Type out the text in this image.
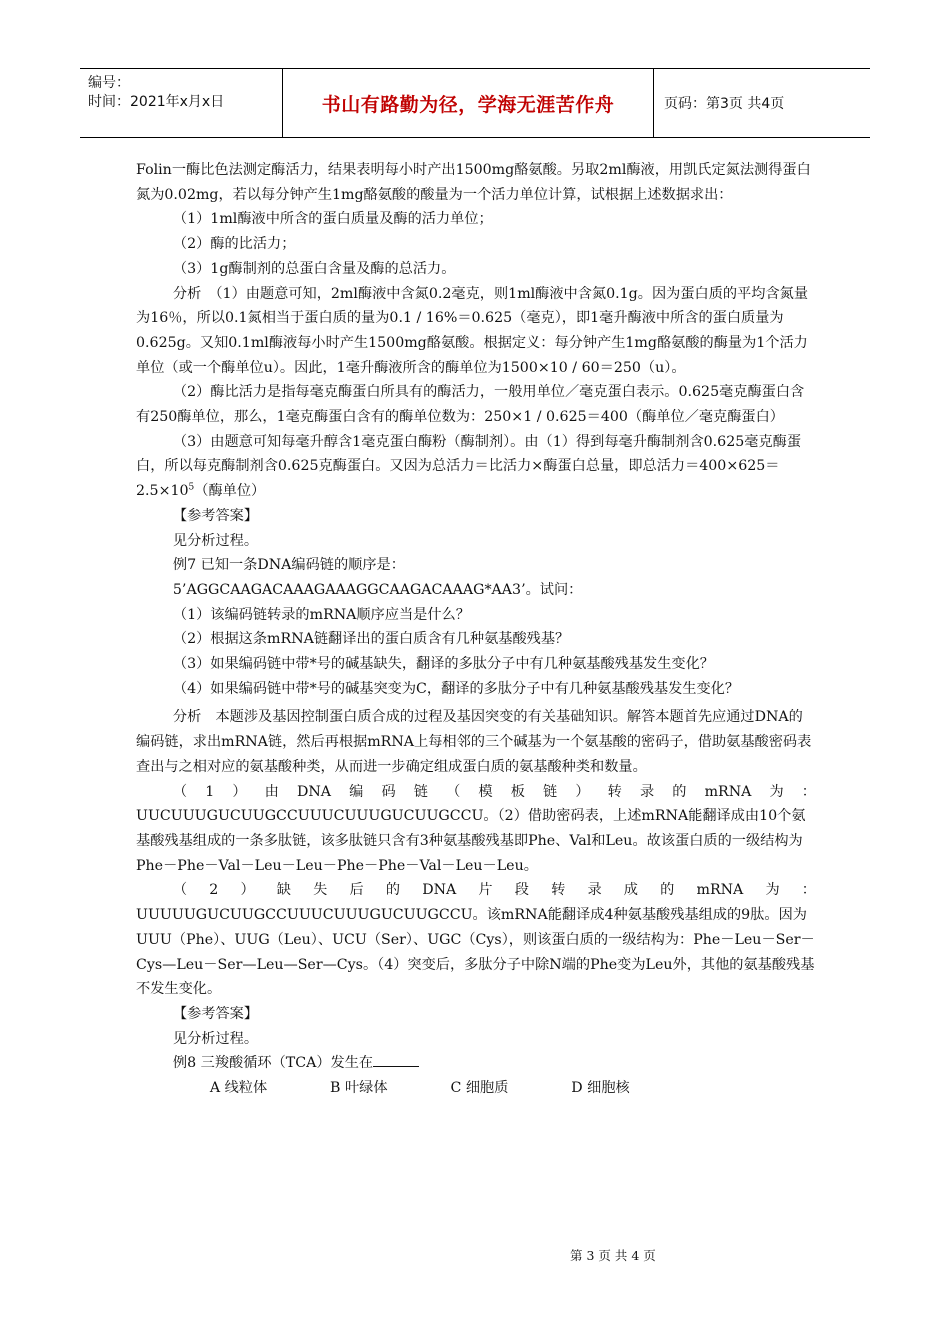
编号：
时间：2021年x月x日	书山有路勤为径，学海无涯苦作舟	页码：第3页 共4页

Folin一酶比色法测定酶活力，结果表明每小时产出1500mg酪氨酸。另取2ml酶液，用凯氏定氮法测得蛋白氮为0.02mg，若以每分钟产生1mg酪氨酸的酸量为一个活力单位计算，试根据上述数据求出：

（1）1ml酶液中所含的蛋白质量及酶的活力单位；

（2）酶的比活力；

（3）1g酶制剂的总蛋白含量及酶的总活力。

分析　（1）由题意可知，2ml酶液中含氮0.2毫克，则1ml酶液中含氮0.1g。因为蛋白质的平均含氮量为16％，所以0.1氮相当于蛋白质的量为0.1 / 16%＝0.625（毫克），即1毫升酶液中所含的蛋白质量为0.625g。又知0.1ml酶液每小时产生1500mg酪氨酸。根据定义：每分钟产生1mg酪氨酸的酶量为1个活力单位（或一个酶单位u）。因此，1毫升酶液所含的酶单位为1500×10 / 60＝250（u）。

（2）酶比活力是指每毫克酶蛋白所具有的酶活力，一般用单位／毫克蛋白表示。0.625毫克酶蛋白含有250酶单位，那么，1毫克酶蛋白含有的酶单位数为：250×1 / 0.625＝400（酶单位／毫克酶蛋白）

（3）由题意可知每毫升醇含1毫克蛋白酶粉（酶制剂）。由（1）得到每毫升酶制剂含0.625毫克酶蛋白，所以每克酶制剂含0.625克酶蛋白。又因为总活力＝比活力×酶蛋白总量，即总活力$=400\times 625=2.5\times 10^5$（酶单位）

【参考答案】

见分析过程。

例7 已知一条DNA编码链的顺序是：

5’AGGCAAGACAAAGAAAGGCAAGACAAAG*AA3’。试问：

（1）该编码链转录的mRNA顺序应当是什么？

（2）根据这条mRNA链翻译出的蛋白质含有几种氨基酸残基？

（3）如果编码链中带*号的碱基缺失，翻译的多肽分子中有几种氨基酸残基发生变化？

（4）如果编码链中带*号的碱基突变为C，翻译的多肽分子中有几种氨基酸残基发生变化？

分析　本题涉及基因控制蛋白质合成的过程及基因突变的有关基础知识。解答本题首先应通过DNA的编码链，求出mRNA链，然后再根据mRNA上每相邻的三个碱基为一个氨基酸的密码子，借助氨基酸密码表查出与之相对应的氨基酸种类，从而进一步确定组成蛋白质的氨基酸种类和数量。

（1）由DNA编码链（模板链）转录的mRNA为：

UUCUUUGUCUUGCCUUUCUUUGUCUUGCCU。（2）借助密码表，上述mRNA能翻译成由10个氨基酸残基组成的一条多肽链，该多肽链只含有3种氨基酸残基即Phe、Val和Leu。故该蛋白质的一级结构为 Phe－Phe－Val－Leu－Leu－Phe－Phe－Val－Leu－Leu。

（2）缺失后的DNA片段转录成的mRNA为：

UUUUUGUCUUGCCUUUCUUUGUCUUGCCU。该mRNA能翻译成4种氨基酸残基组成的9肽。因为UUU（Phe）、UUG（Leu）、UCU（Ser）、UGC（Cys），则该蛋白质的一级结构为：Phe－Leu－Ser－Cys—Leu－Ser—Leu—Ser—Cys。（4）突变后，多肽分子中除N端的Phe变为Leu外，其他的氨基酸残基不发生变化。

【参考答案】

见分析过程。

例8 三羧酸循环（TCA）发生在

A 线粒体	B 叶绿体	C 细胞质	D 细胞核

第 3 页 共 4 页
